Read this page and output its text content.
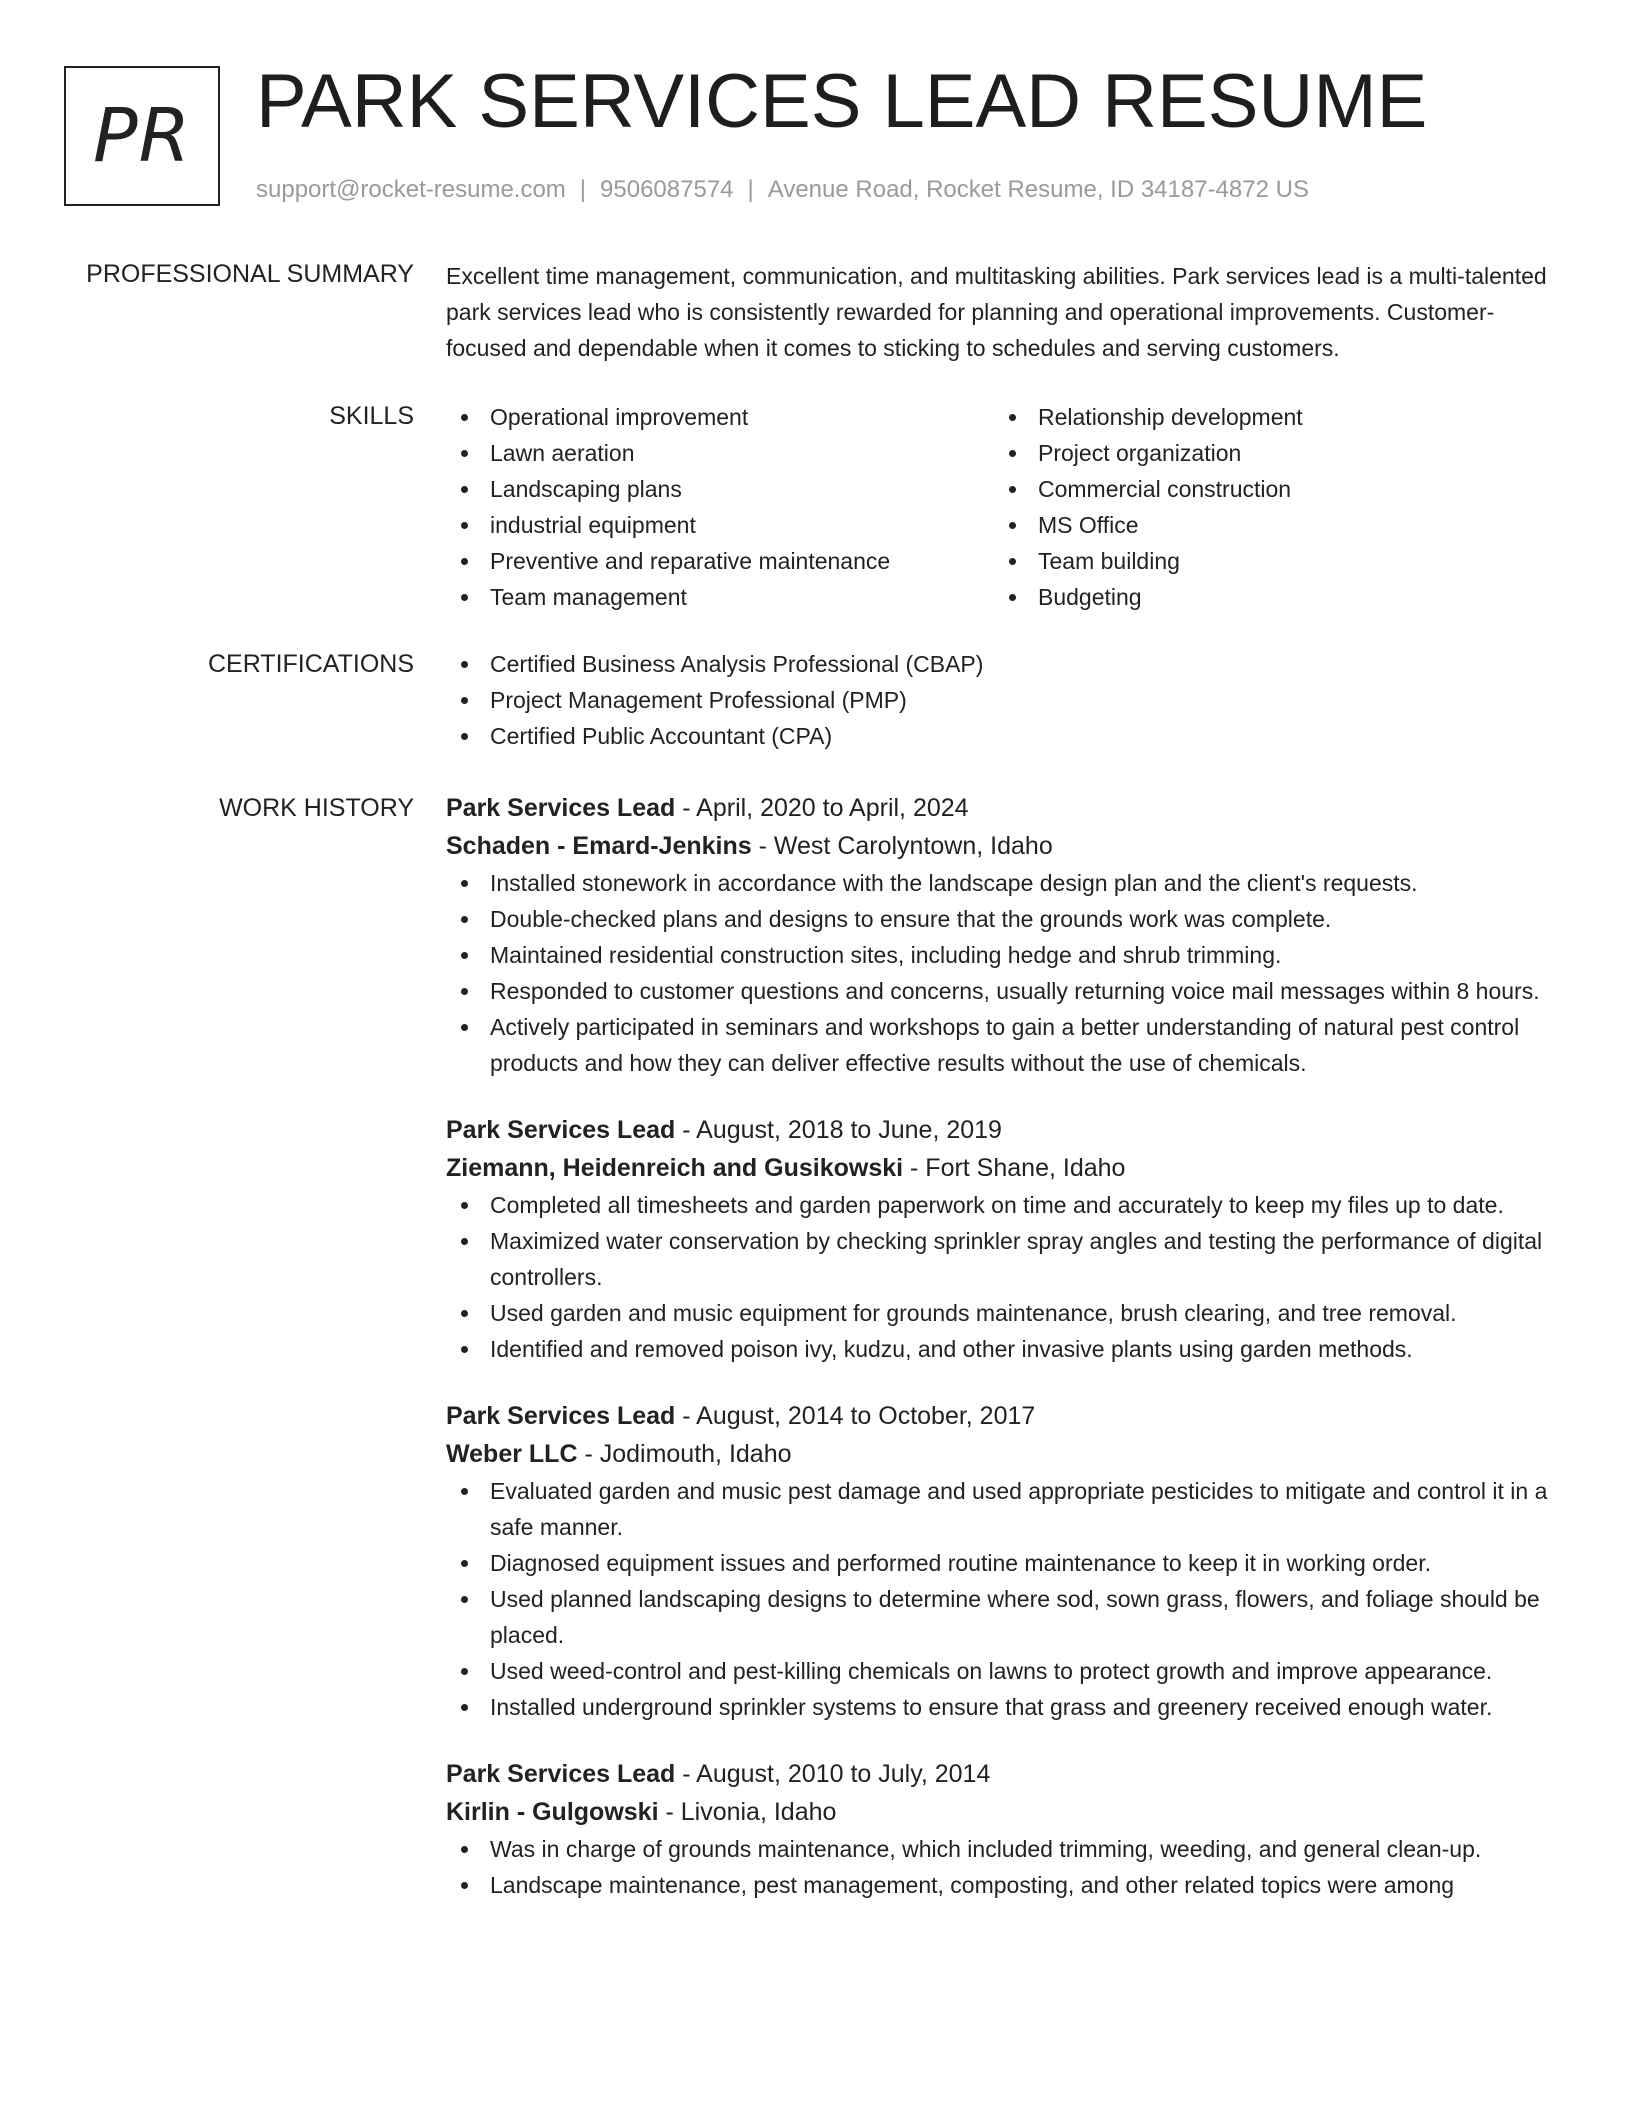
PR PARK SERVICES LEAD RESUME
support@rocket-resume.com | 9506087574 | Avenue Road, Rocket Resume, ID 34187-4872 US
PROFESSIONAL SUMMARY Excellent time management, communication, and multitasking abilities. Park services lead is a multi-talented park services lead who is consistently rewarded for planning and operational improvements. Customer-focused and dependable when it comes to sticking to schedules and serving customers.

SKILLS	Operational improvement
Lawn aeration
Landscaping plans
industrial equipment
Preventive and reparative maintenance
Team management
Relationship development
Project organization
Commercial construction
MS Office
Team building
Budgeting
CERTIFICATIONS	Certified Business Analysis Professional (CBAP)
Project Management Professional (PMP)
Certified Public Accountant (CPA)
WORK HISTORY Park Services Lead - April, 2020 to April, 2024
Schaden - Emard-Jenkins - West Carolyntown, Idaho
Installed stonework in accordance with the landscape design plan and the client's requests.
Double-checked plans and designs to ensure that the grounds work was complete.
Maintained residential construction sites, including hedge and shrub trimming.
Responded to customer questions and concerns, usually returning voice mail messages within 8 hours.
Actively participated in seminars and workshops to gain a better understanding of natural pest control products and how they can deliver effective results without the use of chemicals.
Park Services Lead - August, 2018 to June, 2019
Ziemann, Heidenreich and Gusikowski - Fort Shane, Idaho
Completed all timesheets and garden paperwork on time and accurately to keep my files up to date.
Maximized water conservation by checking sprinkler spray angles and testing the performance of digital controllers.
Used garden and music equipment for grounds maintenance, brush clearing, and tree removal.
Identified and removed poison ivy, kudzu, and other invasive plants using garden methods.
Park Services Lead - August, 2014 to October, 2017
Weber LLC - Jodimouth, Idaho
Evaluated garden and music pest damage and used appropriate pesticides to mitigate and control it in a safe manner.
Diagnosed equipment issues and performed routine maintenance to keep it in working order.
Used planned landscaping designs to determine where sod, sown grass, flowers, and foliage should be placed.
Used weed-control and pest-killing chemicals on lawns to protect growth and improve appearance.
Installed underground sprinkler systems to ensure that grass and greenery received enough water.
Park Services Lead - August, 2010 to July, 2014
Kirlin - Gulgowski - Livonia, Idaho
Was in charge of grounds maintenance, which included trimming, weeding, and general clean-up.
Landscape maintenance, pest management, composting, and other related topics were among
